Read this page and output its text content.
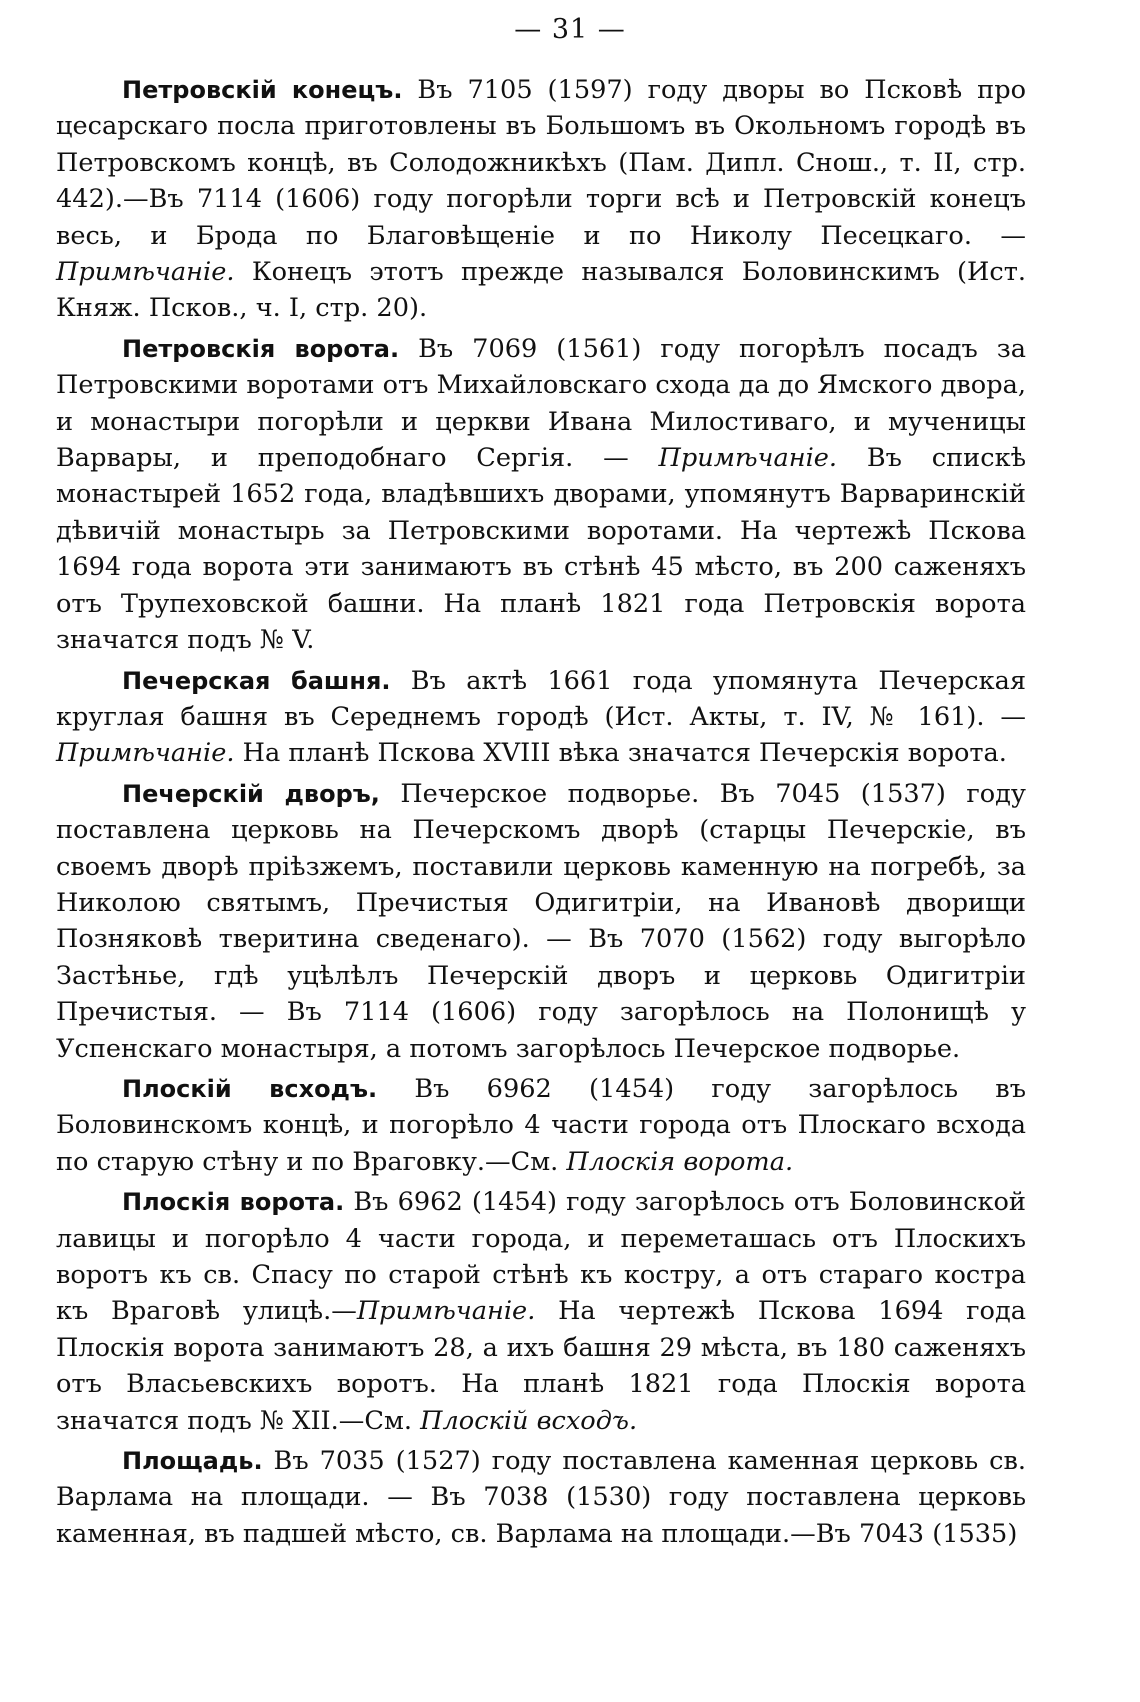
— 31 —

Петровскій конецъ. Въ 7105 (1597) году дворы во Псковѣ про цесарскаго посла приготовлены въ Большомъ въ Окольномъ городѣ въ Петровскомъ концѣ, въ Солодожникѣхъ (Пам. Дипл. Снош., т. II, стр. 442).—Въ 7114 (1606) году погорѣли торги всѣ и Петровскій конецъ весь, и Брода по Благовѣщеніе и по Николу Песецкаго. — Примѣчаніе. Конецъ этотъ прежде назывался Боловинскимъ (Ист. Княж. Псков., ч. I, стр. 20).

Петровскія ворота. Въ 7069 (1561) году погорѣлъ посадъ за Петровскими воротами отъ Михайловскаго схода да до Ямского двора, и монастыри погорѣли и церкви Ивана Милостиваго, и мученицы Варвары, и преподобнаго Сергія. — Примѣчаніе. Въ спискѣ монастырей 1652 года, владѣвшихъ дворами, упомянутъ Варваринскій дѣвичій монастырь за Петровскими воротами. На чертежѣ Пскова 1694 года ворота эти занимаютъ въ стѣнѣ 45 мѣсто, въ 200 саженяхъ отъ Трупеховской башни. На планѣ 1821 года Петровскія ворота значатся подъ № V.

Печерская башня. Въ актѣ 1661 года упомянута Печерская круглая башня въ Середнемъ городѣ (Ист. Акты, т. IV, № 161). — Примѣчаніе. На планѣ Пскова XVIII вѣка значатся Печерскія ворота.

Печерскій дворъ, Печерское подворье. Въ 7045 (1537) году поставлена церковь на Печерскомъ дворѣ (старцы Печерскіе, въ своемъ дворѣ пріѣзжемъ, поставили церковь каменную на погребѣ, за Николою святымъ, Пречистыя Одигитріи, на Ивановѣ дворищи Позняковѣ тверитина сведенаго). — Въ 7070 (1562) году выгорѣло Застѣнье, гдѣ уцѣлѣлъ Печерскій дворъ и церковь Одигитріи Пречистыя. — Въ 7114 (1606) году загорѣлось на Полонищѣ у Успенскаго монастыря, а потомъ загорѣлось Печерское подворье.

Плоскій всходъ. Въ 6962 (1454) году загорѣлось въ Боловинскомъ концѣ, и погорѣло 4 части города отъ Плоскаго всхода по старую стѣну и по Враговку.—См. Плоскія ворота.

Плоскія ворота. Въ 6962 (1454) году загорѣлось отъ Боловинской лавицы и погорѣло 4 части города, и переметашась отъ Плоскихъ воротъ къ св. Спасу по старой стѣнѣ къ костру, а отъ стараго костра къ Враговѣ улицѣ.—Примѣчаніе. На чертежѣ Пскова 1694 года Плоскія ворота занимаютъ 28, а ихъ башня 29 мѣста, въ 180 саженяхъ отъ Власьевскихъ воротъ. На планѣ 1821 года Плоскія ворота значатся подъ № XII.—См. Плоскій всходъ.

Площадь. Въ 7035 (1527) году поставлена каменная церковь св. Варлама на площади. — Въ 7038 (1530) году поставлена церковь каменная, въ падшей мѣсто, св. Варлама на площади.—Въ 7043 (1535)
